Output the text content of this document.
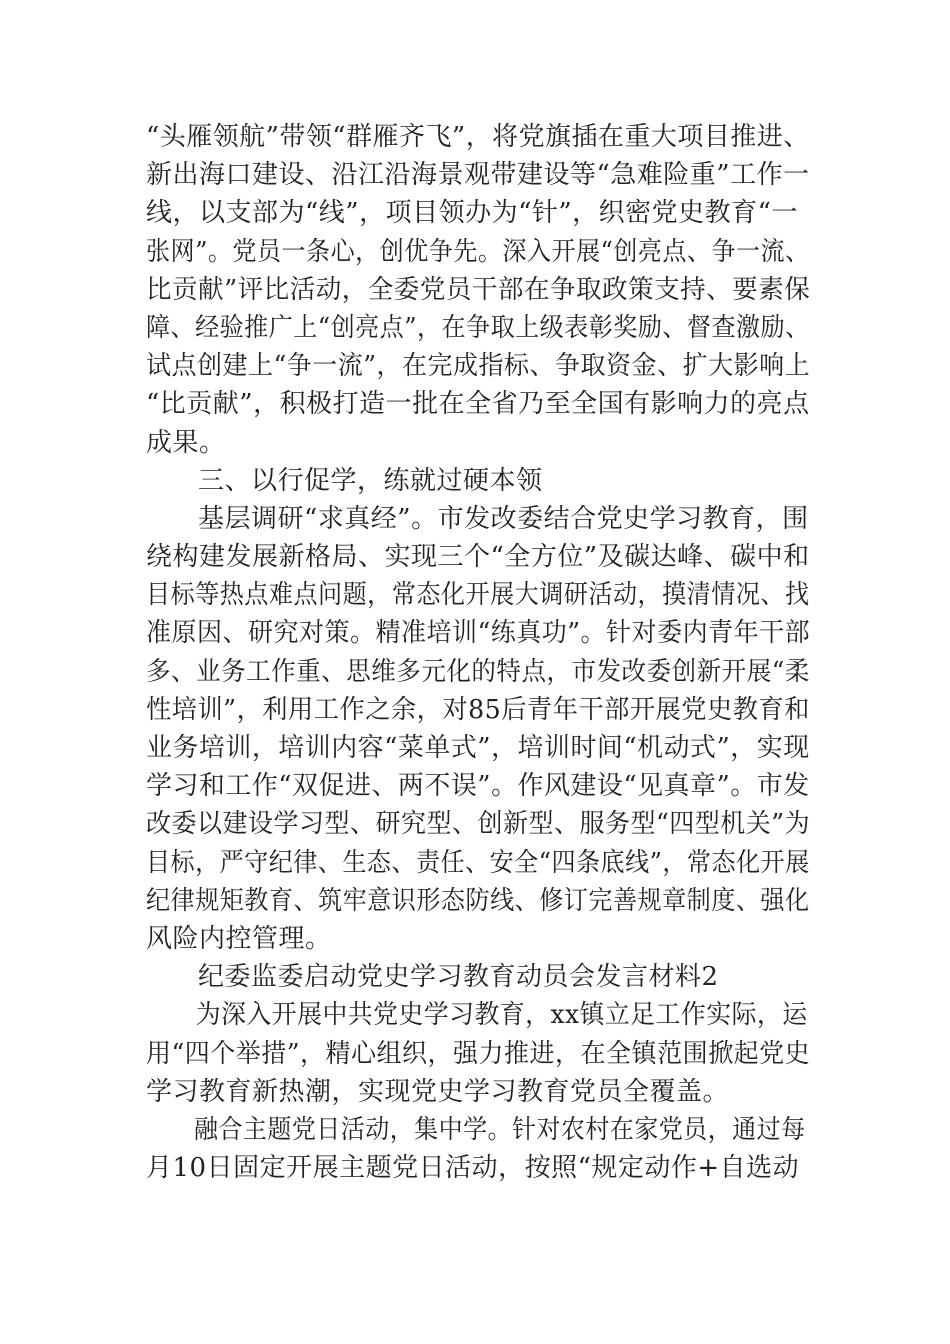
“头雁领航”带领“群雁齐飞”，将党旗插在重大项目推进、
新出海口建设、沿江沿海景观带建设等“急难险重”工作一
线，以支部为“线”，项目领办为“针”，织密党史教育“一
张网”。党员一条心，创优争先。深入开展“创亮点、争一流、
比贡献”评比活动，全委党员干部在争取政策支持、要素保
障、经验推广上“创亮点”，在争取上级表彰奖励、督查激励、
试点创建上“争一流”，在完成指标、争取资金、扩大影响上
“比贡献”，积极打造一批在全省乃至全国有影响力的亮点
成果。
三、以行促学，练就过硬本领
基层调研“求真经”。市发改委结合党史学习教育，围
绕构建发展新格局、实现三个“全方位”及碳达峰、碳中和
目标等热点难点问题，常态化开展大调研活动，摸清情况、找
准原因、研究对策。精准培训“练真功”。针对委内青年干部
多、业务工作重、思维多元化的特点，市发改委创新开展“柔
性培训”，利用工作之余，对85后青年干部开展党史教育和
业务培训，培训内容“菜单式”，培训时间“机动式”，实现
学习和工作“双促进、两不误”。作风建设“见真章”。市发
改委以建设学习型、研究型、创新型、服务型“四型机关”为
目标，严守纪律、生态、责任、安全“四条底线”，常态化开展
纪律规矩教育、筑牢意识形态防线、修订完善规章制度、强化
风险内控管理。
纪委监委启动党史学习教育动员会发言材料2
为深入开展中共党史学习教育，xx镇立足工作实际，运
用“四个举措”，精心组织，强力推进，在全镇范围掀起党史
学习教育新热潮，实现党史学习教育党员全覆盖。
融合主题党日活动，集中学。针对农村在家党员，通过每
月10日固定开展主题党日活动，按照“规定动作+自选动
